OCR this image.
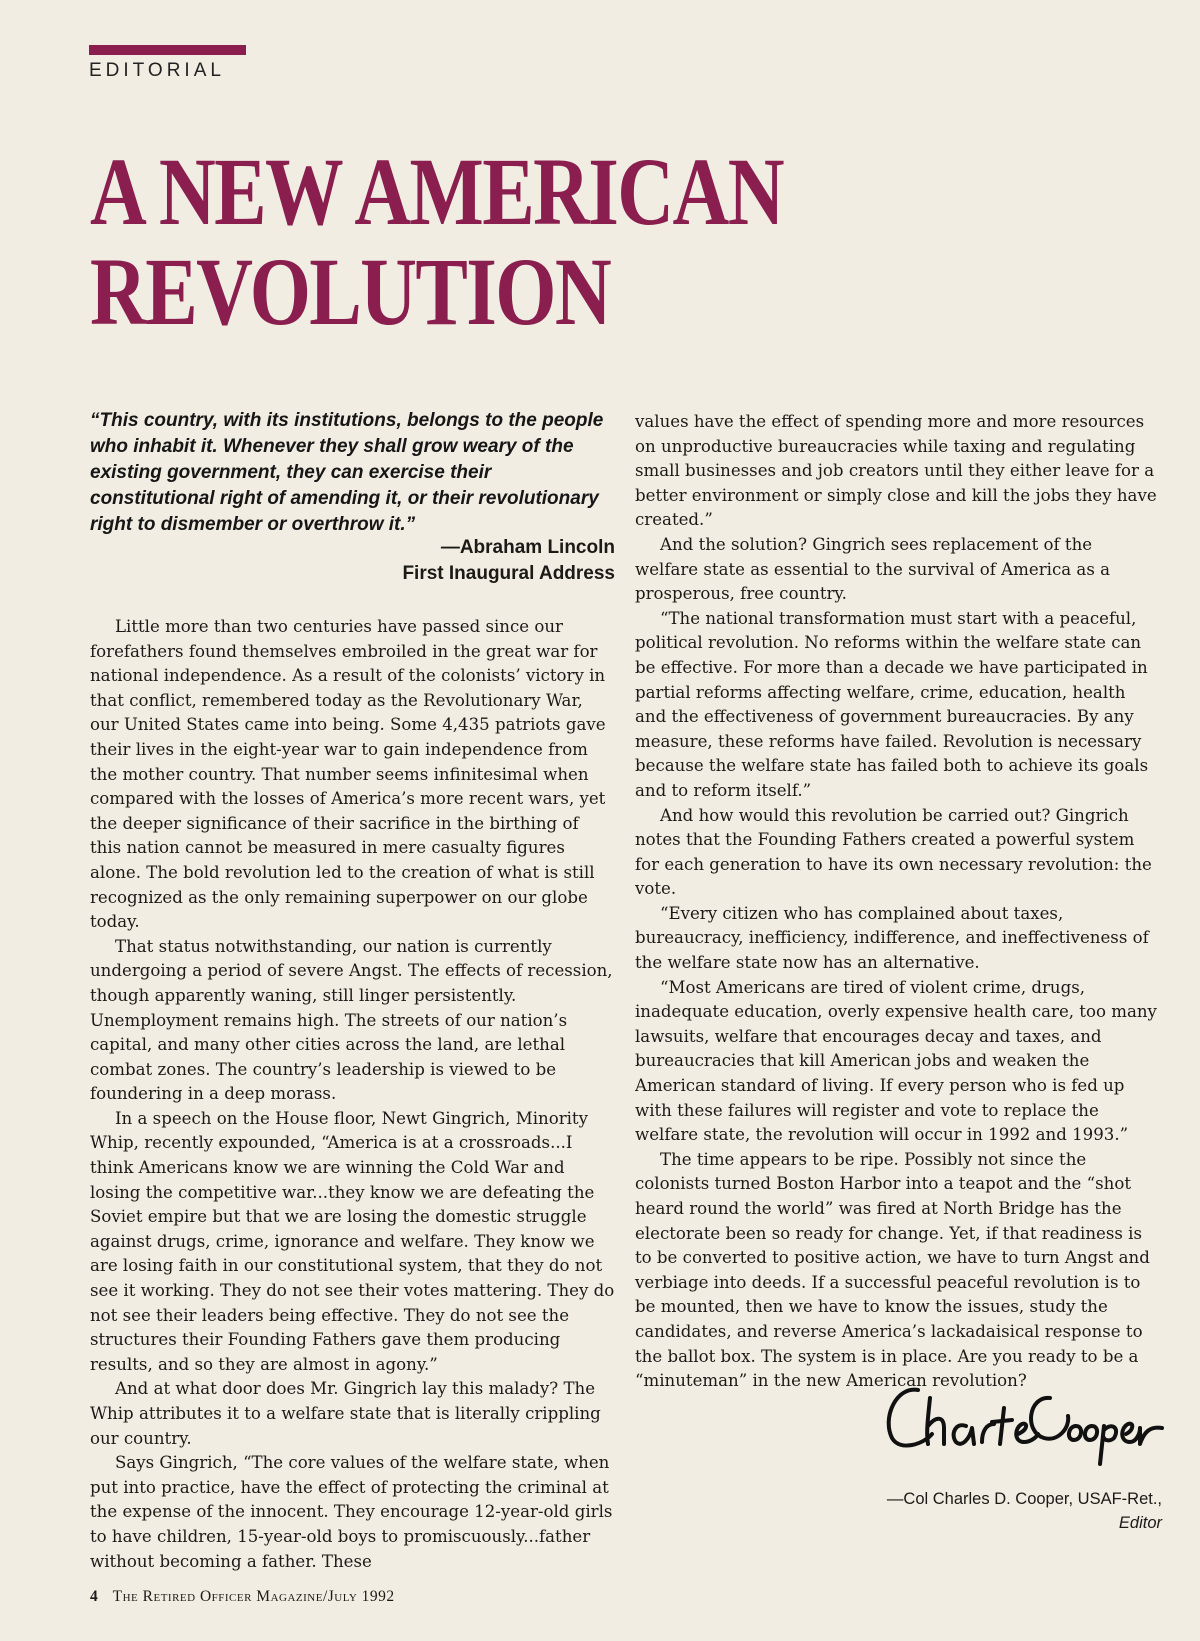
EDITORIAL
A NEW AMERICAN
REVOLUTION
“This country, with its institutions, belongs to the people who inhabit it. Whenever they shall grow weary of the existing government, they can exercise their constitutional right of amending it, or their revolutionary right to dismember or overthrow it.”
—Abraham Lincoln
First Inaugural Address

Little more than two centuries have passed since our forefathers found themselves embroiled in the great war for national independence. As a result of the colonists’ victory in that conflict, remembered today as the Revolutionary War, our United States came into being. Some 4,435 patriots gave their lives in the eight-year war to gain independence from the mother country. That number seems infinitesimal when compared with the losses of America’s more recent wars, yet the deeper significance of their sacrifice in the birthing of this nation cannot be measured in mere casualty figures alone. The bold revolution led to the creation of what is still recognized as the only remaining superpower on our globe today.

That status notwithstanding, our nation is currently undergoing a period of severe Angst. The effects of recession, though apparently waning, still linger persistently. Unemployment remains high. The streets of our nation’s capital, and many other cities across the land, are lethal combat zones. The country’s leadership is viewed to be foundering in a deep morass.

In a speech on the House floor, Newt Gingrich, Minority Whip, recently expounded, “America is at a crossroads...I think Americans know we are winning the Cold War and losing the competitive war...they know we are defeating the Soviet empire but that we are losing the domestic struggle against drugs, crime, ignorance and welfare. They know we are losing faith in our constitutional system, that they do not see it working. They do not see their votes mattering. They do not see their leaders being effective. They do not see the structures their Founding Fathers gave them producing results, and so they are almost in agony.”

And at what door does Mr. Gingrich lay this malady? The Whip attributes it to a welfare state that is literally crippling our country.

Says Gingrich, “The core values of the welfare state, when put into practice, have the effect of protecting the criminal at the expense of the innocent. They encourage 12-year-old girls to have children, 15-year-old boys to promiscuously...father without becoming a father. These

values have the effect of spending more and more resources on unproductive bureaucracies while taxing and regulating small businesses and job creators until they either leave for a better environment or simply close and kill the jobs they have created.”

And the solution? Gingrich sees replacement of the welfare state as essential to the survival of America as a prosperous, free country.

“The national transformation must start with a peaceful, political revolution. No reforms within the welfare state can be effective. For more than a decade we have participated in partial reforms affecting welfare, crime, education, health and the effectiveness of government bureaucracies. By any measure, these reforms have failed. Revolution is necessary because the welfare state has failed both to achieve its goals and to reform itself.”

And how would this revolution be carried out? Gingrich notes that the Founding Fathers created a powerful system for each generation to have its own necessary revolution: the vote.

“Every citizen who has complained about taxes, bureaucracy, inefficiency, indifference, and ineffectiveness of the welfare state now has an alternative.

“Most Americans are tired of violent crime, drugs, inadequate education, overly expensive health care, too many lawsuits, welfare that encourages decay and taxes, and bureaucracies that kill American jobs and weaken the American standard of living. If every person who is fed up with these failures will register and vote to replace the welfare state, the revolution will occur in 1992 and 1993.”

The time appears to be ripe. Possibly not since the colonists turned Boston Harbor into a teapot and the “shot heard round the world” was fired at North Bridge has the electorate been so ready for change. Yet, if that readiness is to be converted to positive action, we have to turn Angst and verbiage into deeds. If a successful peaceful revolution is to be mounted, then we have to know the issues, study the candidates, and reverse America’s lackadaisical response to the ballot box. The system is in place. Are you ready to be a “minuteman” in the new American revolution?

—Col Charles D. Cooper, USAF-Ret.,
Editor
4 The Retired Officer Magazine/July 1992
